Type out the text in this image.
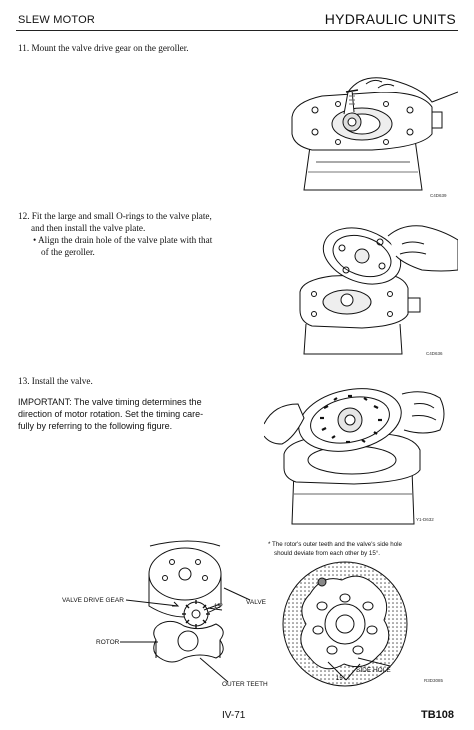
SLEW MOTOR	HYDRAULIC UNITS
11. Mount the valve drive gear on the geroller.
C4D639
12. Fit the large and small O-rings to the valve plate,
and then install the valve plate.
• Align the drain hole of the valve plate with that
of the geroller.
C4D636
13. Install the valve.
IMPORTANT: The valve timing determines the
direction of motor rotation. Set the timing care-
fully by referring to the following figure.
Y1-D632
* The rotor's outer teeth and the valve's side hole
should deviate from each other by 15°.
VALVE DRIVE GEAR
15°
VALVE
ROTOR
OUTER TEETH
SIDE HOLE
15°	R3D3085
IV-71	TB108
